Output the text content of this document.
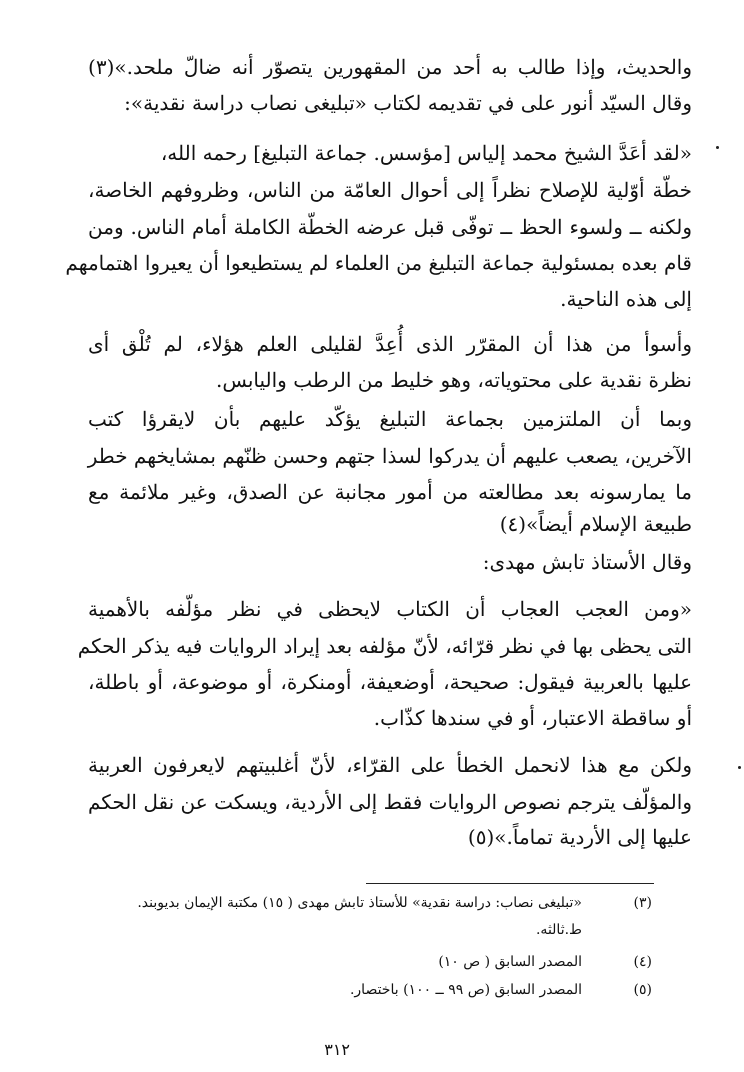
والحديث، وإذا طالب به أحد من المقهورين يتصوّر أنه ضالّ ملحد.»(٣)
وقال السيّد أنور على في تقديمه لكتاب «تبليغى نصاب دراسة نقدية»:
«لقد أعَدَّ الشيخ محمد إلياس [مؤسس. جماعة التبليغ] رحمه الله،
خطّة أوّلية للإصلاح نظراً إلى أحوال العامّة من الناس، وظروفهم الخاصة،
ولكنه ــ ولسوء الحظ ــ توفّى قبل عرضه الخطّة الكاملة أمام الناس. ومن
قام بعده بمسئولية جماعة التبليغ من العلماء لم يستطيعوا أن يعيروا اهتمامهم
إلى هذه الناحية.
وأسوأ من هذا أن المقرّر الذى أُعِدَّ لقليلى العلم هؤلاء، لم تُلْق أى
نظرة نقدية على محتوياته، وهو خليط من الرطب واليابس.
وبما أن الملتزمين بجماعة التبليغ يؤكّد عليهم بأن لايقرؤا كتب
الآخرين، يصعب عليهم أن يدركوا لسذا جتهم وحسن ظنّهم بمشايخهم خطر
ما يمارسونه بعد مطالعته من أمور مجانبة عن الصدق، وغير ملائمة مع
طبيعة الإسلام أيضاً»(٤)
وقال الأستاذ تابش مهدى:
«ومن العجب العجاب أن الكتاب لايحظى في نظر مؤلّفه بالأهمية
التى يحظى بها في نظر قرّائه، لأنّ مؤلفه بعد إيراد الروايات فيه يذكر الحكم
عليها بالعربية فيقول: صحيحة، أوضعيفة، أومنكرة، أو موضوعة، أو باطلة،
أو ساقطة الاعتبار، أو في سندها كذّاب.
ولكن مع هذا لانحمل الخطأ على القرّاء، لأنّ أغلبيتهم لايعرفون العربية
والمؤلّف يترجم نصوص الروايات فقط إلى الأردية، ويسكت عن نقل الحكم
عليها إلى الأردية تماماً.»(٥)
(٣)
«تبليغى نصاب: دراسة نقدية» للأستاذ تابش مهدى ( ١٥) مكتبة الإيمان بديوبند.
ط.ثالثه.
(٤)
المصدر السابق ( ص ١٠)
(٥)
المصدر السابق (ص ٩٩ ــ ١٠٠) باختصار.
٣١٢
